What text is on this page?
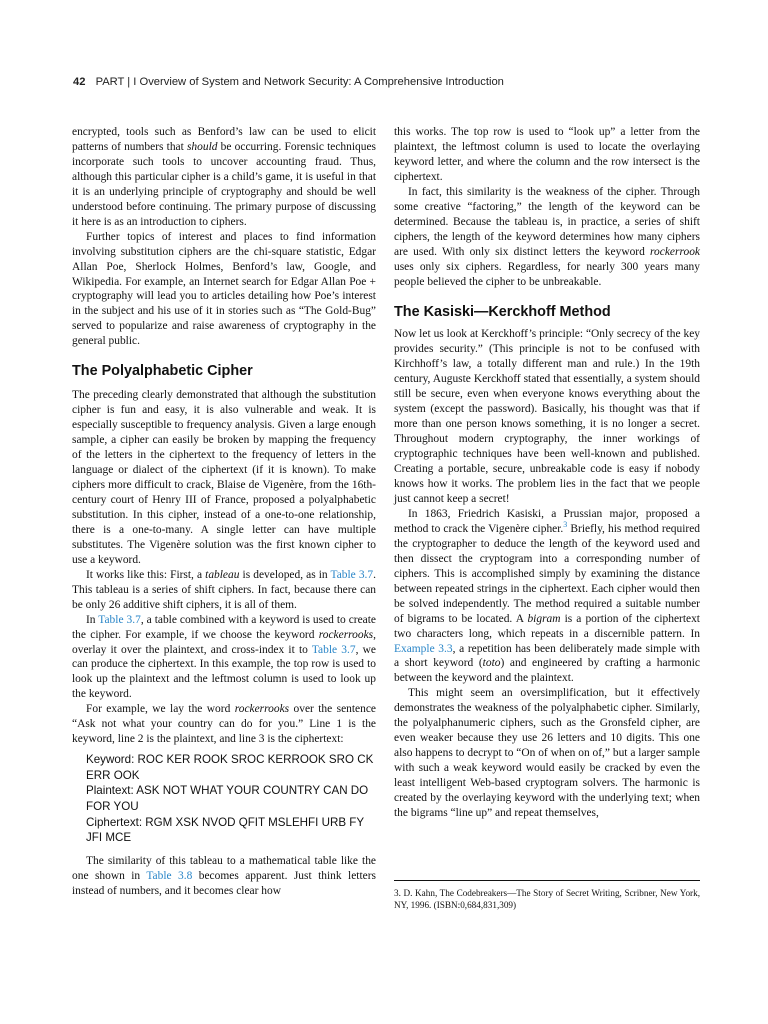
42 PART | I Overview of System and Network Security: A Comprehensive Introduction

encrypted, tools such as Benford’s law can be used to elicit patterns of numbers that should be occurring. Forensic techniques incorporate such tools to uncover accounting fraud. Thus, although this particular cipher is a child’s game, it is useful in that it is an underlying principle of cryptography and should be well understood before continuing. The primary purpose of discussing it here is as an introduction to ciphers.

Further topics of interest and places to find information involving substitution ciphers are the chi-square statistic, Edgar Allan Poe, Sherlock Holmes, Benford’s law, Google, and Wikipedia. For example, an Internet search for Edgar Allan Poe + cryptography will lead you to articles detailing how Poe’s interest in the subject and his use of it in stories such as “The Gold-Bug” served to popularize and raise awareness of cryptography in the general public.

The Polyalphabetic Cipher

The preceding clearly demonstrated that although the substitution cipher is fun and easy, it is also vulnerable and weak. It is especially susceptible to frequency analysis. Given a large enough sample, a cipher can easily be broken by mapping the frequency of the letters in the ciphertext to the frequency of letters in the language or dialect of the ciphertext (if it is known). To make ciphers more difficult to crack, Blaise de Vigenère, from the 16th-century court of Henry III of France, proposed a polyalphabetic substitution. In this cipher, instead of a one-to-one relationship, there is a one-to-many. A single letter can have multiple substitutes. The Vigenère solution was the first known cipher to use a keyword.

It works like this: First, a tableau is developed, as in Table 3.7. This tableau is a series of shift ciphers. In fact, because there can be only 26 additive shift ciphers, it is all of them.

In Table 3.7, a table combined with a keyword is used to create the cipher. For example, if we choose the keyword rockerrooks, overlay it over the plaintext, and cross-index it to Table 3.7, we can produce the ciphertext. In this example, the top row is used to look up the plaintext and the leftmost column is used to look up the keyword.

For example, we lay the word rockerrooks over the sentence “Ask not what your country can do for you.” Line 1 is the keyword, line 2 is the plaintext, and line 3 is the ciphertext:

Keyword: ROC KER ROOK SROC KERROOK SRO CK ERR OOK
Plaintext: ASK NOT WHAT YOUR COUNTRY CAN DO FOR YOU
Ciphertext: RGM XSK NVOD QFIT MSLEHFI URB FY JFI MCE

The similarity of this tableau to a mathematical table like the one shown in Table 3.8 becomes apparent. Just think letters instead of numbers, and it becomes clear how

this works. The top row is used to “look up” a letter from the plaintext, the leftmost column is used to locate the overlaying keyword letter, and where the column and the row intersect is the ciphertext.

In fact, this similarity is the weakness of the cipher. Through some creative “factoring,” the length of the keyword can be determined. Because the tableau is, in practice, a series of shift ciphers, the length of the keyword determines how many ciphers are used. With only six distinct letters the keyword rockerrook uses only six ciphers. Regardless, for nearly 300 years many people believed the cipher to be unbreakable.

The Kasiski—Kerckhoff Method

Now let us look at Kerckhoff’s principle: “Only secrecy of the key provides security.” (This principle is not to be confused with Kirchhoff’s law, a totally different man and rule.) In the 19th century, Auguste Kerckhoff stated that essentially, a system should still be secure, even when everyone knows everything about the system (except the password). Basically, his thought was that if more than one person knows something, it is no longer a secret. Throughout modern cryptography, the inner workings of cryptographic techniques have been well-known and published. Creating a portable, secure, unbreakable code is easy if nobody knows how it works. The problem lies in the fact that we people just cannot keep a secret!

In 1863, Friedrich Kasiski, a Prussian major, proposed a method to crack the Vigenère cipher.$^3$ Briefly, his method required the cryptographer to deduce the length of the keyword used and then dissect the cryptogram into a corresponding number of ciphers. This is accomplished simply by examining the distance between repeated strings in the ciphertext. Each cipher would then be solved independently. The method required a suitable number of bigrams to be located. A bigram is a portion of the ciphertext two characters long, which repeats in a discernible pattern. In Example 3.3, a repetition has been deliberately made simple with a short keyword (toto) and engineered by crafting a harmonic between the keyword and the plaintext.

This might seem an oversimplification, but it effectively demonstrates the weakness of the polyalphabetic cipher. Similarly, the polyalphanumeric ciphers, such as the Gronsfeld cipher, are even weaker because they use 26 letters and 10 digits. This one also happens to decrypt to “On of when on of,” but a larger sample with such a weak keyword would easily be cracked by even the least intelligent Web-based cryptogram solvers. The harmonic is created by the overlaying keyword with the underlying text; when the bigrams “line up” and repeat themselves,

3. D. Kahn, The Codebreakers—The Story of Secret Writing, Scribner, New York, NY, 1996. (ISBN:0,684,831,309)
